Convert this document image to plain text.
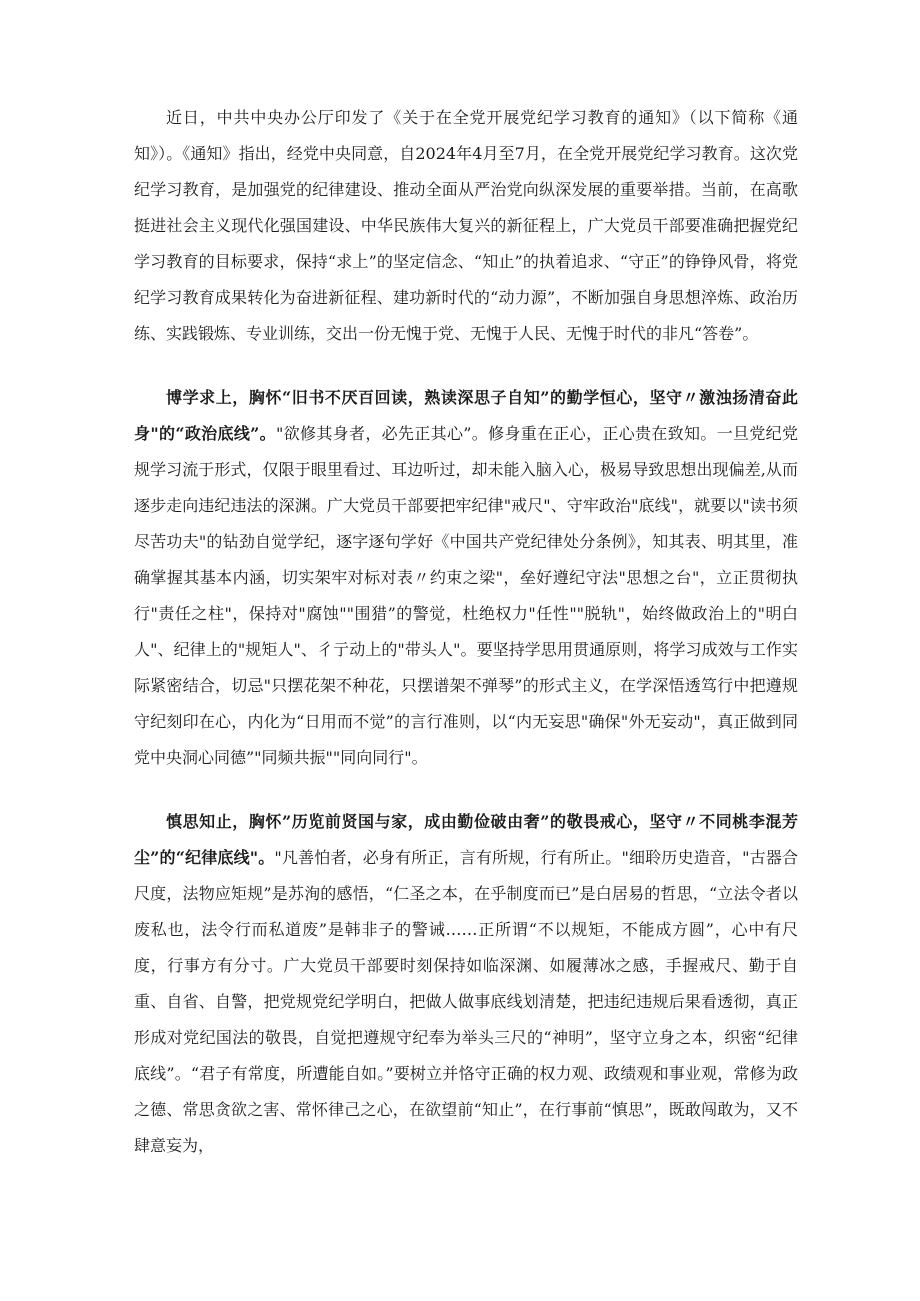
近日，中共中央办公厅印发了《关于在全党开展党纪学习教育的通知》（以下简称《通知》）。《通知》指出，经党中央同意，自2024年4月至7月，在全党开展党纪学习教育。这次党纪学习教育，是加强党的纪律建设、推动全面从严治党向纵深发展的重要举措。当前，在高歌挺进社会主义现代化强国建设、中华民族伟大复兴的新征程上，广大党员干部要准确把握党纪学习教育的目标要求，保持“求上”的坚定信念、“知止”的执着追求、“守正”的铮铮风骨，将党纪学习教育成果转化为奋进新征程、建功新时代的“动力源”，不断加强自身思想淬炼、政治历练、实践锻炼、专业训练，交出一份无愧于党、无愧于人民、无愧于时代的非凡“答卷”。

博学求上，胸怀“旧书不厌百回读，熟读深思子自知”的勤学恒心，坚守〃激浊扬清奋此身"的“政治底线”。"欲修其身者，必先正其心”。修身重在正心，正心贵在致知。一旦党纪党规学习流于形式，仅限于眼里看过、耳边听过，却未能入脑入心，极易导致思想出现偏差,从而逐步走向违纪违法的深渊。广大党员干部要把牢纪律"戒尺"、守牢政治"底线"，就要以"读书须尽苦功夫"的钻劲自觉学纪，逐字逐句学好《中国共产党纪律处分条例》，知其表、明其里，准确掌握其基本内涵，切实架牢对标对表〃约束之梁"，垒好遵纪守法"思想之台"，立正贯彻执行"责任之柱"，保持对"腐蚀""围猎”的警觉，杜绝权力"任性""脱轨"，始终做政治上的"明白人"、纪律上的"规矩人"、彳亍动上的"带头人"。要坚持学思用贯通原则，将学习成效与工作实际紧密结合，切忌"只摆花架不种花，只摆谱架不弹琴”的形式主义，在学深悟透笃行中把遵规守纪刻印在心，内化为“日用而不觉”的言行准则，以“内无妄思"确保"外无妄动"，真正做到同党中央洞心同德”"同频共振""同向同行"。

慎思知止，胸怀”历览前贤国与家，成由勤俭破由奢”的敬畏戒心，坚守〃不同桃李混芳尘”的“纪律底线"。"凡善怕者，必身有所正，言有所规，行有所止。"细聆历史造音，"古器合尺度，法物应矩规”是苏洵的感悟，“仁圣之本，在乎制度而已”是白居易的哲思，“立法令者以废私也，法令行而私道废”是韩非子的警诫……正所谓“不以规矩，不能成方圆”，心中有尺度，行事方有分寸。广大党员干部要时刻保持如临深渊、如履薄冰之感，手握戒尺、勤于自重、自省、自警，把党规党纪学明白，把做人做事底线划清楚，把违纪违规后果看透彻，真正形成对党纪国法的敬畏，自觉把遵规守纪奉为举头三尺的“神明”，坚守立身之本，织密“纪律底线”。“君子有常度，所遭能自如。”要树立并恪守正确的权力观、政绩观和事业观，常修为政之德、常思贪欲之害、常怀律己之心，在欲望前“知止”，在行事前“慎思”，既敢闯敢为，又不肆意妄为，
